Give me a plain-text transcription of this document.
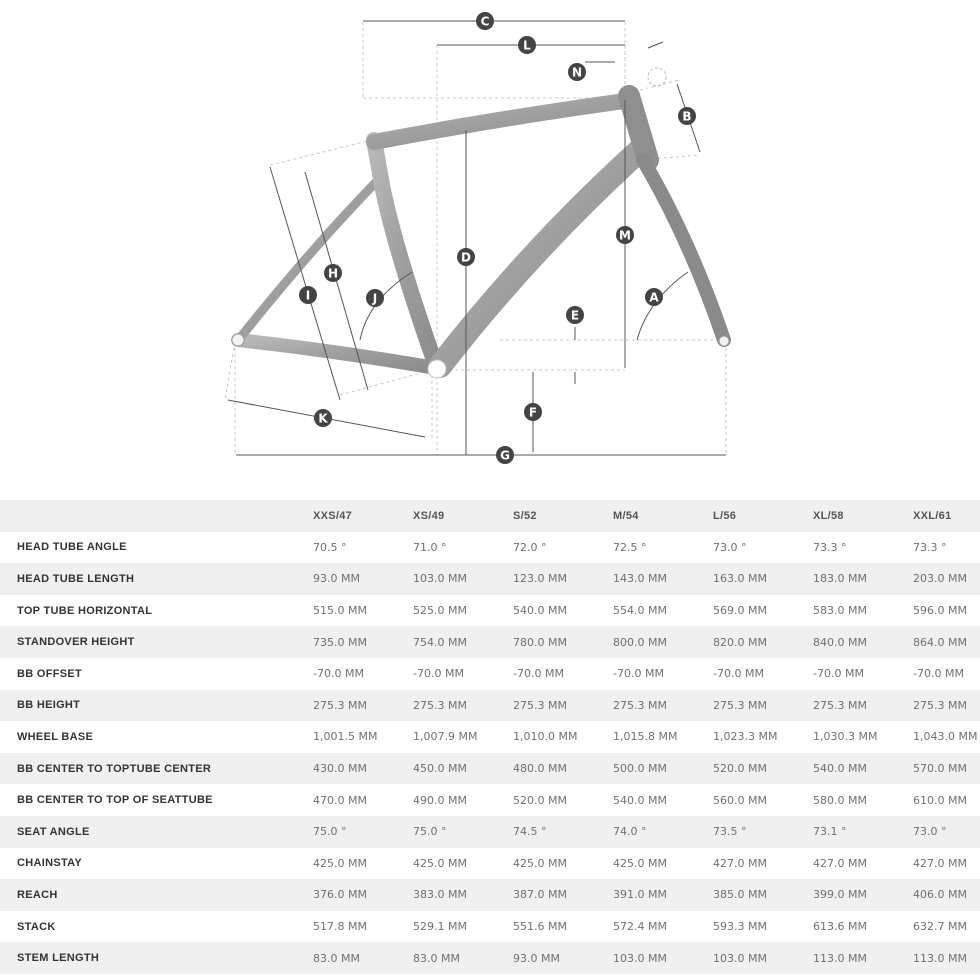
C
L
N
B
D
M
H
I	J	A
E
F
K
G
	XXS/47	XS/49	S/52	M/54	L/56	XL/58	XXL/61
HEAD TUBE ANGLE	70.5 °	71.0 °	72.0 °	72.5 °	73.0 °	73.3 °	73.3 °
HEAD TUBE LENGTH	93.0 MM	103.0 MM	123.0 MM	143.0 MM	163.0 MM	183.0 MM	203.0 MM
TOP TUBE HORIZONTAL	515.0 MM	525.0 MM	540.0 MM	554.0 MM	569.0 MM	583.0 MM	596.0 MM
STANDOVER HEIGHT	735.0 MM	754.0 MM	780.0 MM	800.0 MM	820.0 MM	840.0 MM	864.0 MM
BB OFFSET	-70.0 MM	-70.0 MM	-70.0 MM	-70.0 MM	-70.0 MM	-70.0 MM	-70.0 MM
BB HEIGHT	275.3 MM	275.3 MM	275.3 MM	275.3 MM	275.3 MM	275.3 MM	275.3 MM
WHEEL BASE	1,001.5 MM	1,007.9 MM	1,010.0 MM	1,015.8 MM	1,023.3 MM	1,030.3 MM	1,043.0 MM
BB CENTER TO TOPTUBE CENTER	430.0 MM	450.0 MM	480.0 MM	500.0 MM	520.0 MM	540.0 MM	570.0 MM
BB CENTER TO TOP OF SEATTUBE	470.0 MM	490.0 MM	520.0 MM	540.0 MM	560.0 MM	580.0 MM	610.0 MM
SEAT ANGLE	75.0 °	75.0 °	74.5 °	74.0 °	73.5 °	73.1 °	73.0 °
CHAINSTAY	425.0 MM	425.0 MM	425.0 MM	425.0 MM	427.0 MM	427.0 MM	427.0 MM
REACH	376.0 MM	383.0 MM	387.0 MM	391.0 MM	385.0 MM	399.0 MM	406.0 MM
STACK	517.8 MM	529.1 MM	551.6 MM	572.4 MM	593.3 MM	613.6 MM	632.7 MM
STEM LENGTH	83.0 MM	83.0 MM	93.0 MM	103.0 MM	103.0 MM	113.0 MM	113.0 MM
